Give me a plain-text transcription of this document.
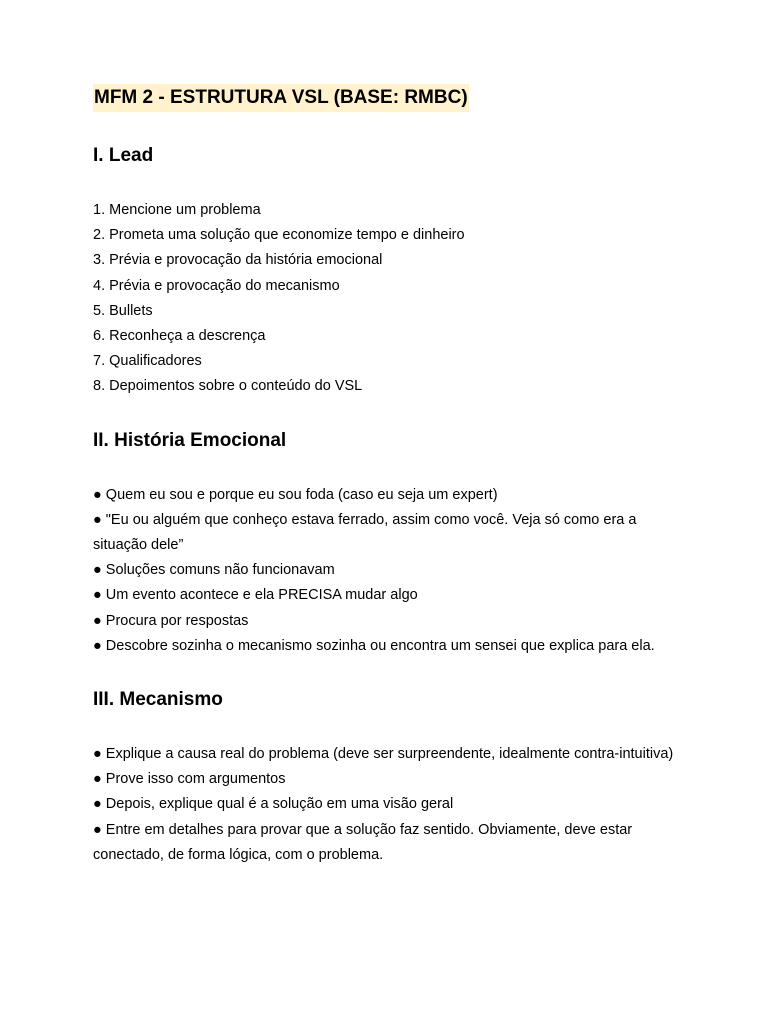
MFM 2 - ESTRUTURA VSL (BASE: RMBC)
I. Lead
1. Mencione um problema
2. Prometa uma solução que economize tempo e dinheiro
3. Prévia e provocação da história emocional
4. Prévia e provocação do mecanismo
5. Bullets
6. Reconheça a descrença
7. Qualificadores
8. Depoimentos sobre o conteúdo do VSL
II. História Emocional
● Quem eu sou e porque eu sou foda (caso eu seja um expert)
● "Eu ou alguém que conheço estava ferrado, assim como você. Veja só como era a situação dele”
● Soluções comuns não funcionavam
● Um evento acontece e ela PRECISA mudar algo
● Procura por respostas
● Descobre sozinha o mecanismo sozinha ou encontra um sensei que explica para ela.
III. Mecanismo
● Explique a causa real do problema (deve ser surpreendente, idealmente contra-intuitiva)
● Prove isso com argumentos
● Depois, explique qual é a solução em uma visão geral
● Entre em detalhes para provar que a solução faz sentido. Obviamente, deve estar conectado, de forma lógica, com o problema.
